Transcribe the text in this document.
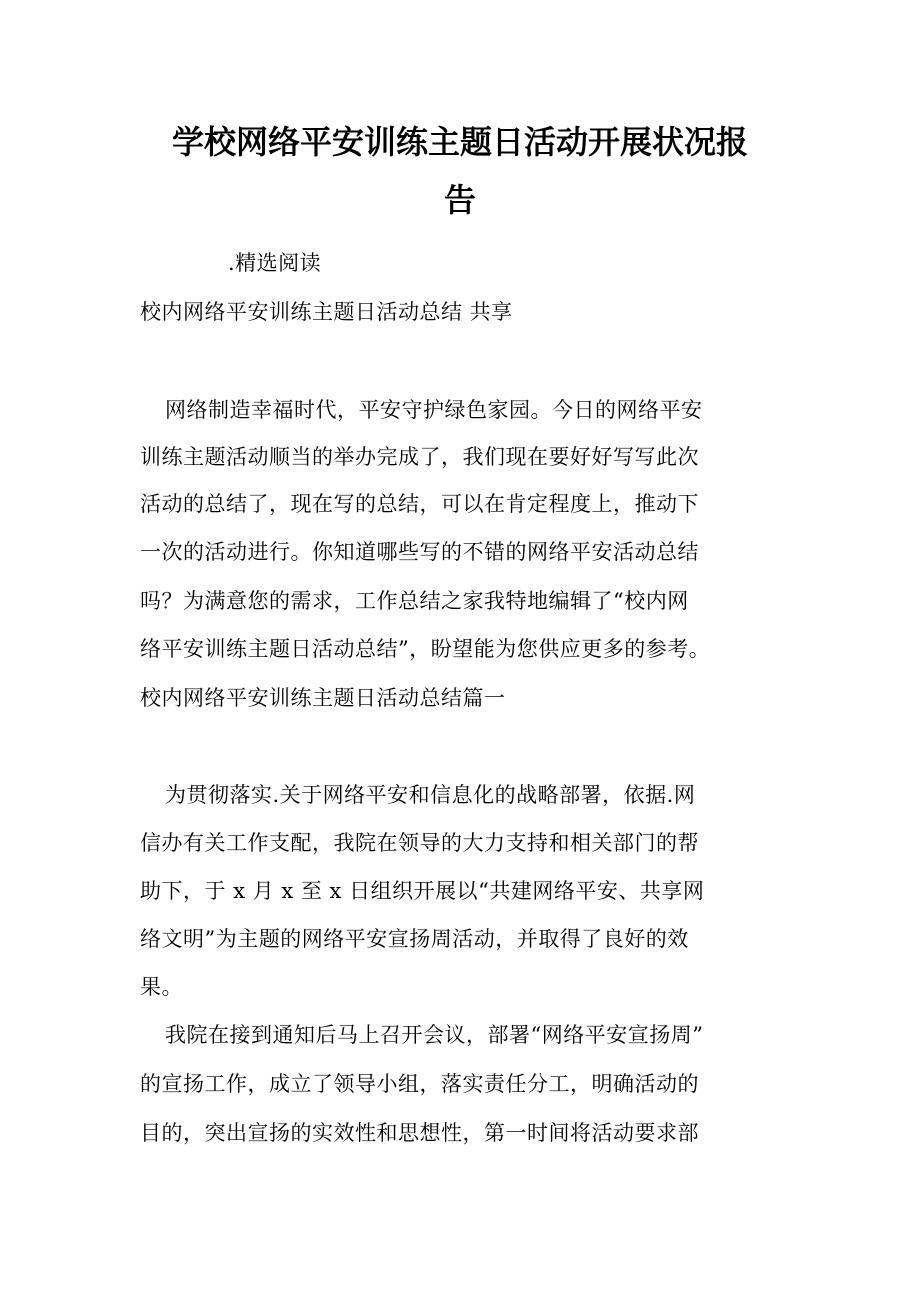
学校网络平安训练主题日活动开展状况报
告
.精选阅读
校内网络平安训练主题日活动总结 共享
网络制造幸福时代，平安守护绿色家园。今日的网络平安
训练主题活动顺当的举办完成了，我们现在要好好写写此次
活动的总结了，现在写的总结，可以在肯定程度上，推动下
一次的活动进行。你知道哪些写的不错的网络平安活动总结
吗？为满意您的需求，工作总结之家我特地编辑了“校内网
络平安训练主题日活动总结”，盼望能为您供应更多的参考。
校内网络平安训练主题日活动总结篇一
为贯彻落实.关于网络平安和信息化的战略部署，依据.网
信办有关工作支配，我院在领导的大力支持和相关部门的帮
助下，于 x 月 x 至 x 日组织开展以“共建网络平安、共享网
络文明”为主题的网络平安宣扬周活动，并取得了良好的效
果。
我院在接到通知后马上召开会议，部署“网络平安宣扬周”
的宣扬工作，成立了领导小组，落实责任分工，明确活动的
目的，突出宣扬的实效性和思想性，第一时间将活动要求部
